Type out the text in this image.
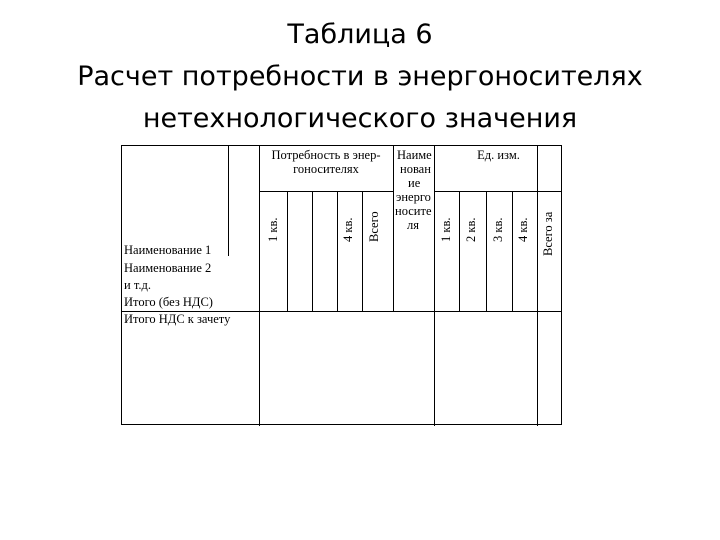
Таблица 6
Расчет потребности в энергоносителях
нетехнологического значения
Потребность в энер-
гоносителях
Наиме
нован
ие
энерго
носите
ля
Ед. изм.
1 кв.	4 кв. Всего	1 кв. 2 кв. 3 кв. 4 кв. Всего за
Наименование 1
Наименование 2
и т.д.
Итого (без НДС)
Итого НДС к зачету
